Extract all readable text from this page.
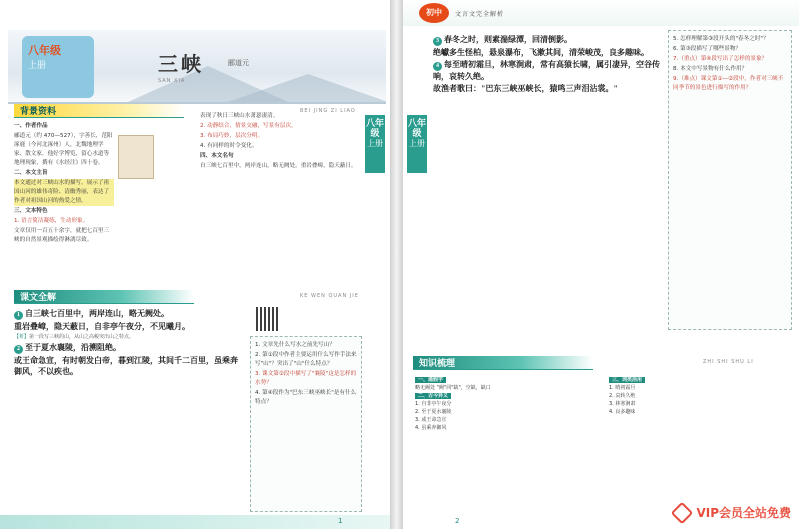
八年级
上册	三峡	郦道元
SAN XIA
背景资料	BEI JING ZI LIAO

一、作者作品

郦道元（约 470—527），字善长，范阳涿鹿（今河北涿州）人，北魏地理学家、散文家。他好学博览，留心水道等地理现象，撰有《水经注》四十卷。

二、本文主旨

本文通过对三峡山水的描写，展示了祖国山河的雄伟奇险、清幽秀丽，表达了作者对祖国山河的热爱之情。

三、文本特色

1. 语言简洁凝练，生动形象。

文章仅用一百五十余字，就把七百里三峡的自然景观描绘得淋漓尽致。

表现了秋日三峡山水萧瑟凄清。

2. 动静结合，情景交融，写景有层次。

3. 布局巧妙，层次分明。

4. 有同样的时令变化。

四、本文名句

自三峡七百里中，两岸连山，略无阙处。重岩叠嶂，隐天蔽日。

八年级
上册
课文全解	KE WEN QUAN JIE

1 自三峡七百里中，两岸连山，略无阙处。

重岩叠嶂，隐天蔽日，自非亭午夜分，不见曦月。

【析】第一段写三峡的山，从山之高峻突出山之特点。

2 至于夏水襄陵，沿溯阻绝。

或王命急宣，有时朝发白帝，暮到江陵，其间千二百里，虽乘奔御风，不以疾也。

1. 文章先什么写水之前先写山？

2. 第①段中作者主要运用什么写作手法来写"山"？突出了"山"什么特点？

3. 课文第②段中描写了"襄陵"这是怎样的水势？

4. 第④段作为"巴东三峡巫峡长"是有什么特点？

1
初中	文言文完全解析
八年级
上册

3 春冬之时，则素湍绿潭，回清倒影。

绝巘多生怪柏，悬泉瀑布，飞漱其间，清荣峻茂，良多趣味。

4 每至晴初霜旦，林寒涧肃，常有高猿长啸，属引凄异，空谷传响，哀转久绝。

故渔者歌曰："巴东三峡巫峡长，猿鸣三声泪沾裳。"

5. 怎样理解第③段开头的"春冬之时"？

6. 第③段描写了哪些景物？

7.（重点）第④段写出了怎样的景象？

8. 本文中写景物有什么作用？

9.（难点）课文第①—②段中，作者对三峡不同季节的景色进行描写的作用？

知识梳理	ZHI SHI SHU LI

一、通假字

略无阙处 "阙"同"缺"，空缺，缺口

二、古今异义

1. 自非亭午夜分

2. 至于夏水襄陵

3. 或王命急宣

4. 虽乘奔御风

三、词类活用

1. 晴初霜旦

2. 哀转久绝

3. 林寒涧肃

4. 良多趣味

2
VIP会员全站免费
